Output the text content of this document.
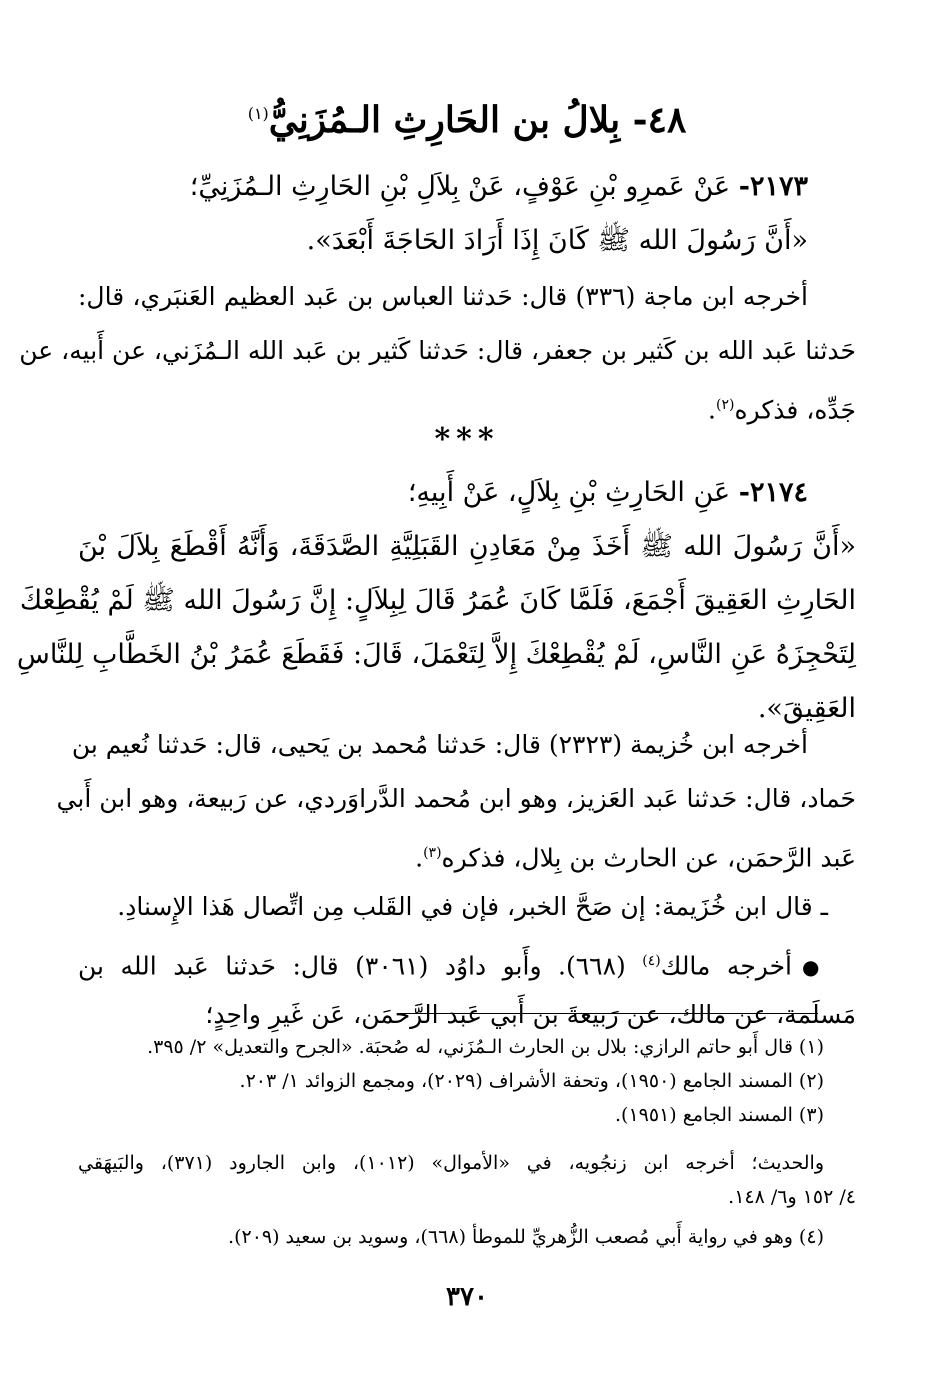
٤٨- بِلالُ بن الحَارِثِ الـمُزَنِيُّ$^{(١)}$
٢١٧٣- عَنْ عَمرِو بْنِ عَوْفٍ، عَنْ بِلاَلِ بْنِ الحَارِثِ الـمُزَنِيِّ؛
«أَنَّ رَسُولَ الله ﷺ كَانَ إِذَا أَرَادَ الحَاجَةَ أَبْعَدَ».
أخرجه ابن ماجة (٣٣٦) قال: حَدثنا العباس بن عَبد العظيم العَنبَري، قال:
حَدثنا عَبد الله بن كَثير بن جعفر، قال: حَدثنا كَثير بن عَبد الله الـمُزَني، عن أَبيه، عن
جَدِّه، فذكره$^{(٢)}$.
***
٢١٧٤- عَنِ الحَارِثِ بْنِ بِلاَلٍ، عَنْ أَبِيهِ؛
«أَنَّ رَسُولَ الله ﷺ أَخَذَ مِنْ مَعَادِنِ القَبَلِيَّةِ الصَّدَقَةَ، وَأَنَّهُ أَقْطَعَ بِلاَلَ بْنَ
الحَارِثِ العَقِيقَ أَجْمَعَ، فَلَمَّا كَانَ عُمَرُ قَالَ لِبِلاَلٍ: إِنَّ رَسُولَ الله ﷺ لَمْ يُقْطِعْكَ
لِتَحْجِزَهُ عَنِ النَّاسِ، لَمْ يُقْطِعْكَ إِلاَّ لِتَعْمَلَ، قَالَ: فَقَطَعَ عُمَرُ بْنُ الخَطَّابِ لِلنَّاسِ
العَقِيقَ».
أخرجه ابن خُزيمة (٢٣٢٣) قال: حَدثنا مُحمد بن يَحيى، قال: حَدثنا نُعيم بن
حَماد، قال: حَدثنا عَبد العَزيز، وهو ابن مُحمد الدَّراوَردي، عن رَبيعة، وهو ابن أَبي
عَبد الرَّحمَن، عن الحارث بن بِلال، فذكره$^{(٣)}$.
ـ قال ابن خُزَيمة: إن صَحَّ الخبر، فإن في القَلب مِن اتِّصال هَذا الإِسنادِ.
●أخرجه مالك$^{(٤)}$ (٦٦٨). وأَبو داوُد (٣٠٦١) قال: حَدثنا عَبد الله بن
مَسلَمة، عن مالك، عن رَبيعةَ بن أَبي عَبد الرَّحمَن، عَن غَيرِ واحِدٍ؛
(١) قال أَبو حاتم الرازي: بلال بن الحارث الـمُزَني، له صُحبَة. «الجرح والتعديل» ٢/ ٣٩٥.
(٢) المسند الجامع (١٩٥٠)، وتحفة الأشراف (٢٠٢٩)، ومجمع الزوائد ١/ ٢٠٣.
(٣) المسند الجامع (١٩٥١).
والحديث؛ أخرجه ابن زنجُويه، في «الأموال» (١٠١٢)، وابن الجارود (٣٧١)، والبَيهَقي
٤/ ١٥٢ و٦/ ١٤٨.
(٤) وهو في رواية أَبي مُصعب الزُّهريِّ للموطأ (٦٦٨)، وسويد بن سعيد (٢٠٩).
٣٧٠
